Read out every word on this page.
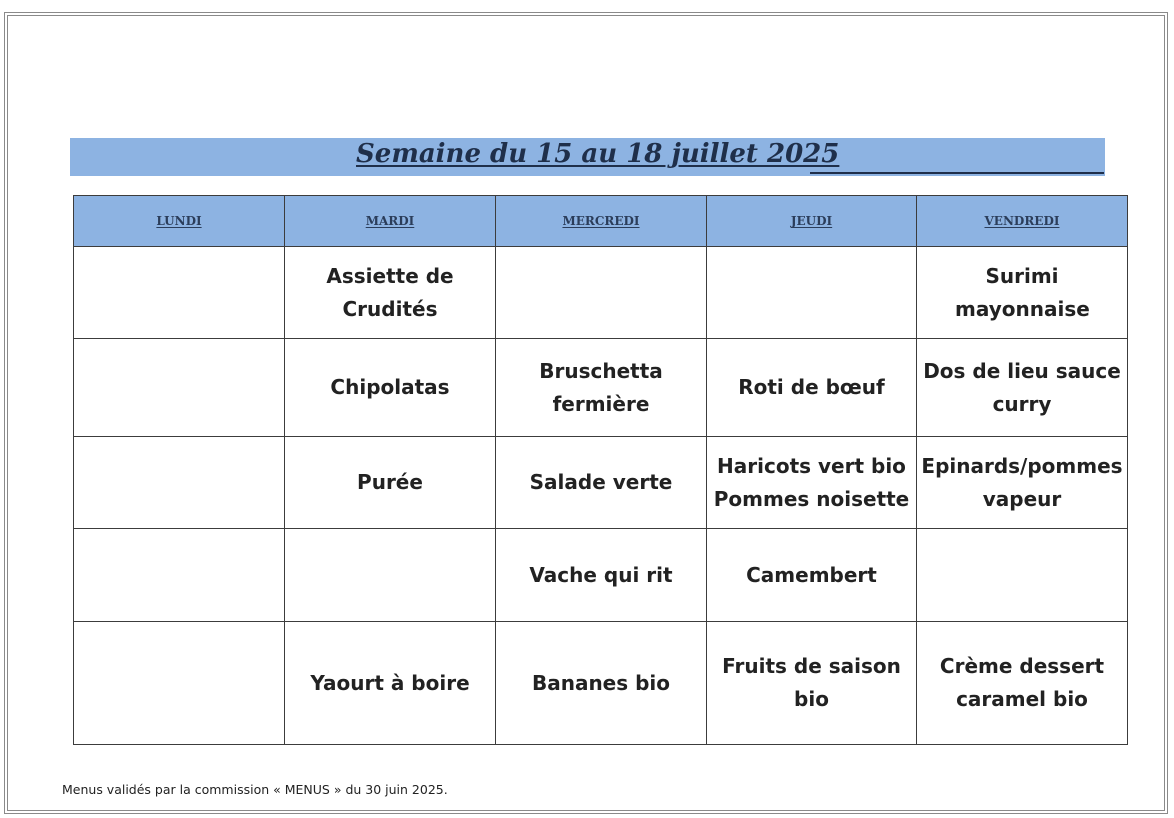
Semaine du 15 au 18 juillet 2025
LUNDI	MARDI	MERCREDI	JEUDI	VENDREDI

	Assiette de Crudités			Surimi mayonnaise

	Chipolatas	Bruschetta fermière	Roti de bœuf	Dos de lieu sauce curry

	Purée	Salade verte	Haricots vert bio Pommes noisette	Epinards/pommes vapeur

		Vache qui rit	Camembert	

	Yaourt à boire	Bananes bio	Fruits de saison bio	Crème dessert caramel bio
Menus validés par la commission « MENUS » du 30 juin 2025.
